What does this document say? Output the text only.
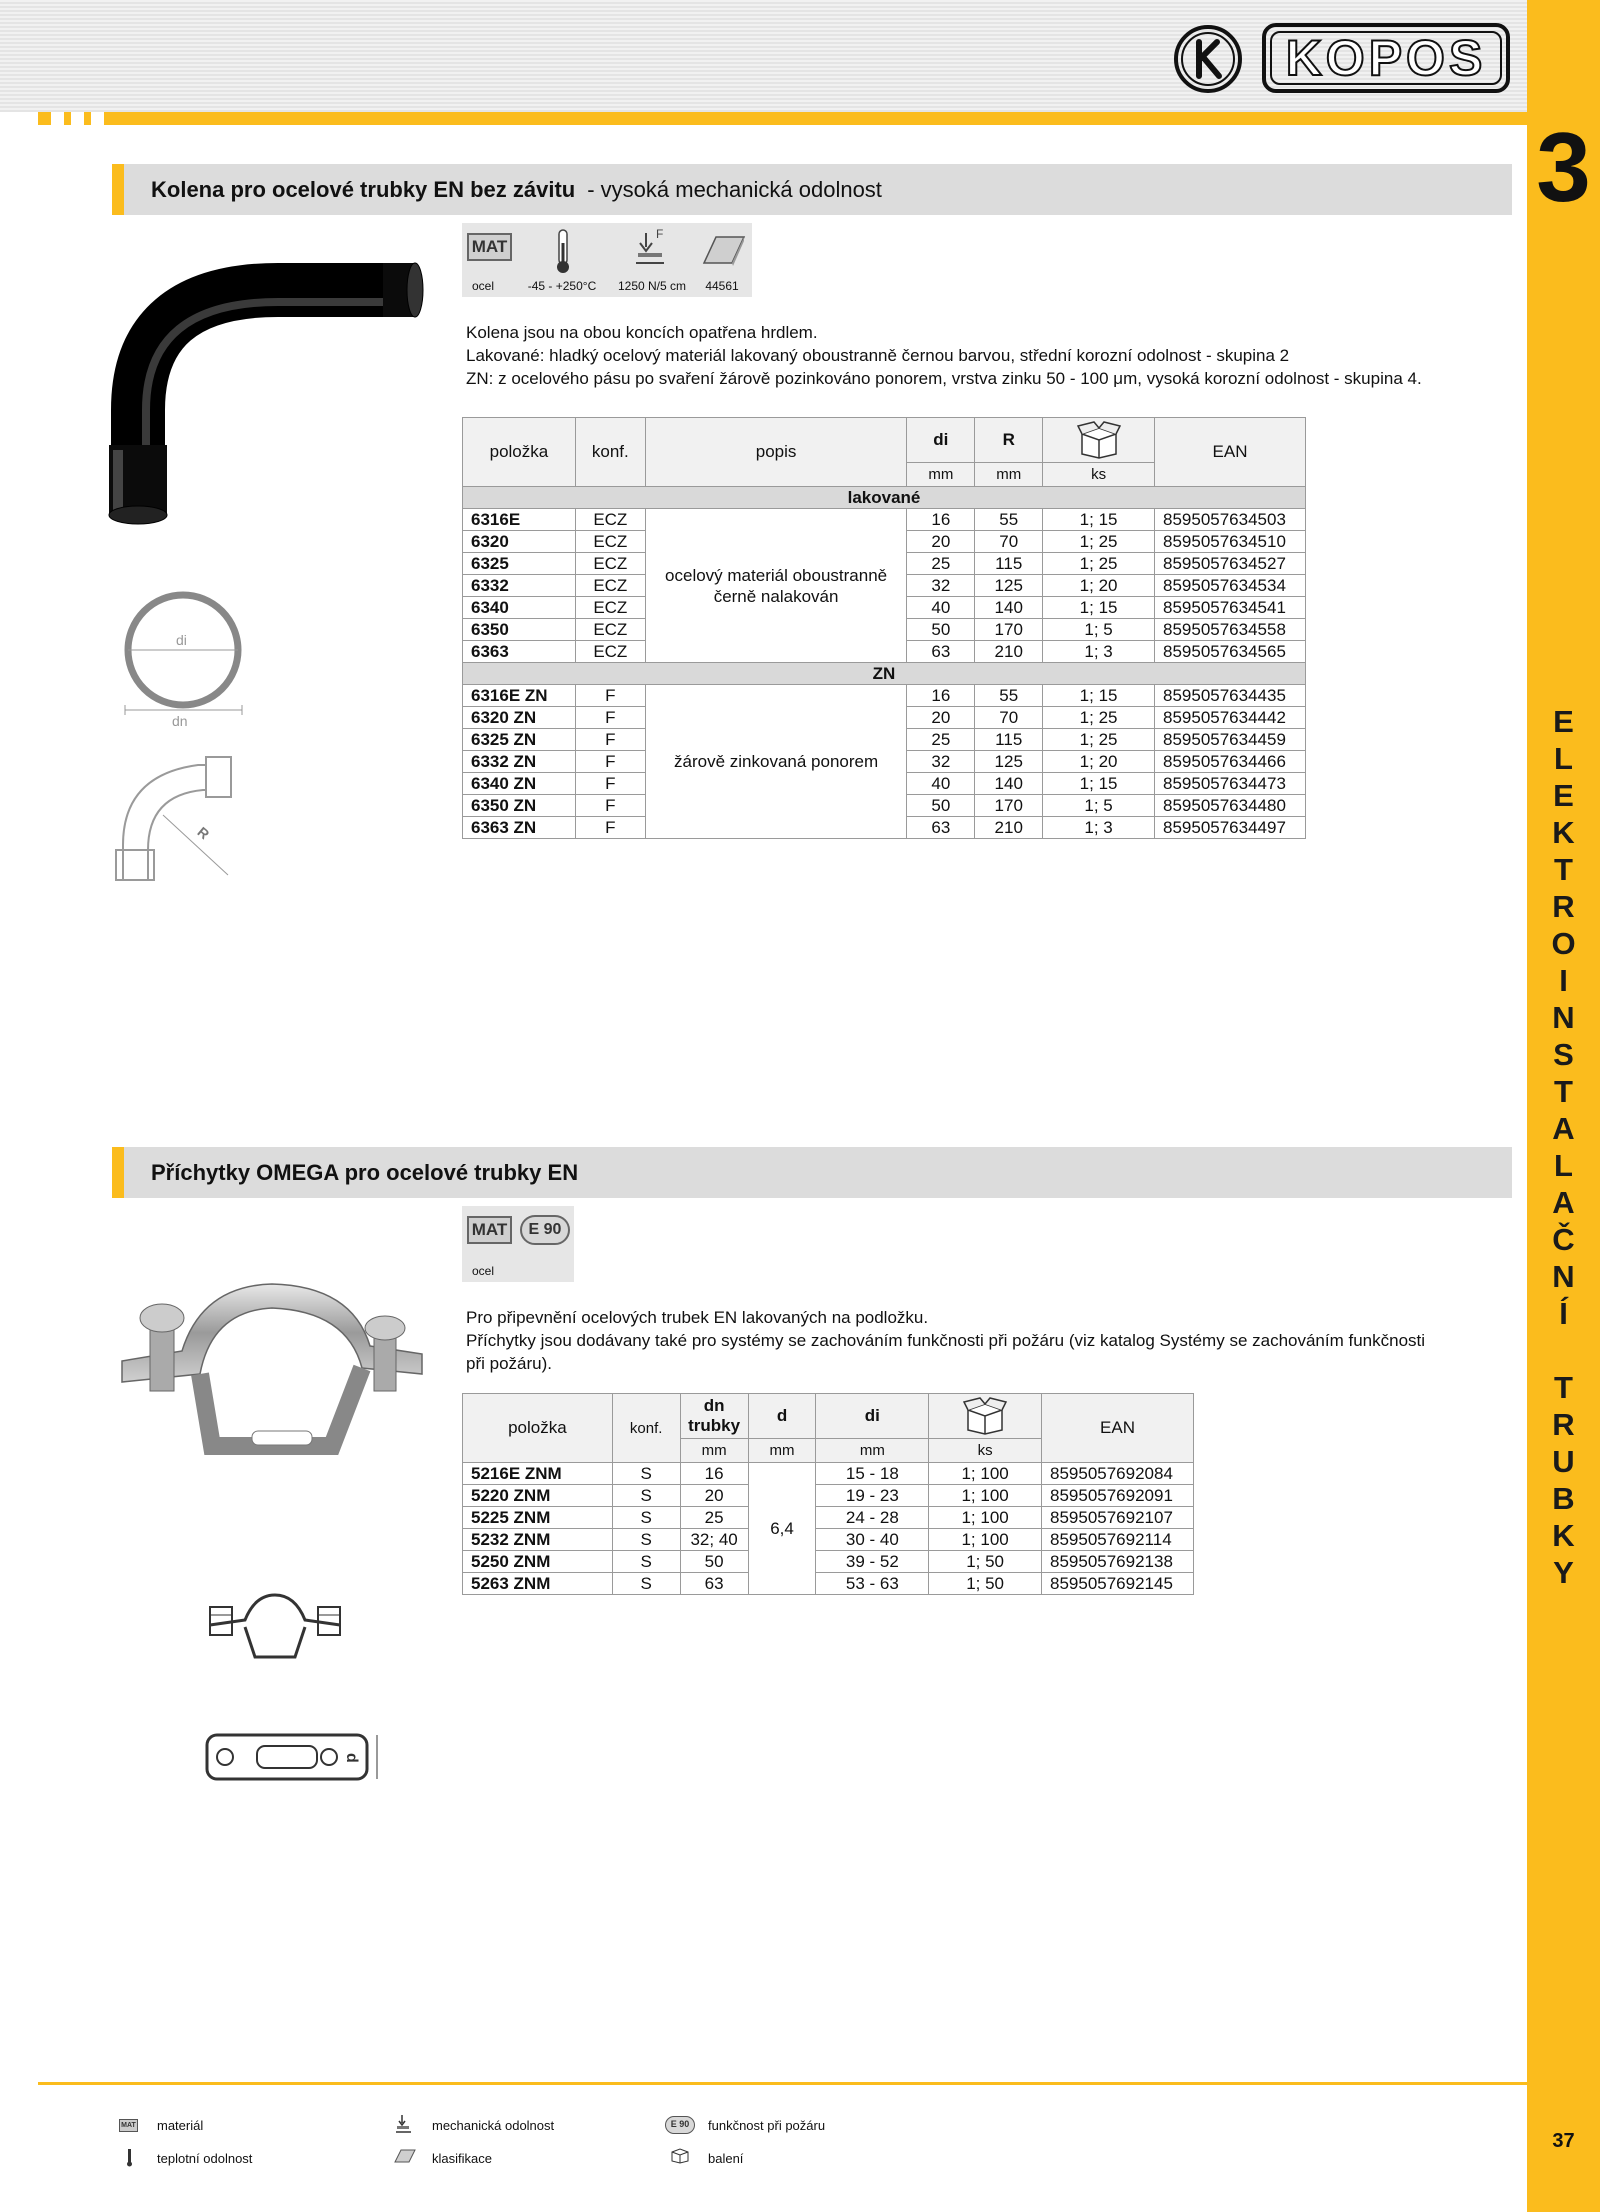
KOPOS
3
E
L
E
K
T
R
O
I
N
S
T
A
L
A
Č
N
Í
T
R
U
B
K
Y
37
Kolena pro ocelové trubky EN bez závitu - vysoká mechanická odolnost
MAT
F
ocel	-45 - +250°C	1250 N/5 cm	44561
Kolena jsou na obou koncích opatřena hrdlem.
Lakované: hladký ocelový materiál lakovaný oboustranně černou barvou, střední korozní odolnost - skupina 2
ZN: z ocelového pásu po svaření žárově pozinkováno ponorem, vrstva zinku 50 - 100 μm, vysoká korozní odolnost - skupina 4.
di
dn
R
položka	konf.	popis	di	R		EAN
			mm	mm	ks	
lakované						
6316E	ECZ	ocelový materiál oboustranně černě nalakován	16	55	1; 15	8595057634503
6320	ECZ		20	70	1; 25	8595057634510
6325	ECZ		25	115	1; 25	8595057634527
6332	ECZ		32	125	1; 20	8595057634534
6340	ECZ		40	140	1; 15	8595057634541
6350	ECZ		50	170	1; 5	8595057634558
6363	ECZ		63	210	1; 3	8595057634565
ZN						
6316E ZN	F	žárově zinkovaná ponorem	16	55	1; 15	8595057634435
6320 ZN	F		20	70	1; 25	8595057634442
6325 ZN	F		25	115	1; 25	8595057634459
6332 ZN	F		32	125	1; 20	8595057634466
6340 ZN	F		40	140	1; 15	8595057634473
6350 ZN	F		50	170	1; 5	8595057634480
6363 ZN	F		63	210	1; 3	8595057634497
Příchytky OMEGA pro ocelové trubky EN
MAT	E 90
ocel
Pro připevnění ocelových trubek EN lakovaných na podložku.
Příchytky jsou dodávany také pro systémy se zachováním funkčnosti při požáru (viz katalog Systémy se zachováním funkčnosti
při požáru).
d
položka	konf.	dn
trubky	d	di		EAN
		mm	mm	mm	ks	
5216E ZNM	S	16	6,4	15 - 18	1; 100	8595057692084
5220 ZNM	S	20		19 - 23	1; 100	8595057692091
5225 ZNM	S	25		24 - 28	1; 100	8595057692107
5232 ZNM	S	32; 40		30 - 40	1; 100	8595057692114
5250 ZNM	S	50		39 - 52	1; 50	8595057692138
5263 ZNM	S	63		53 - 63	1; 50	8595057692145
MAT materiál
teplotní odolnost
mechanická odolnost
klasifikace
E 90	funkčnost při požáru
balení
